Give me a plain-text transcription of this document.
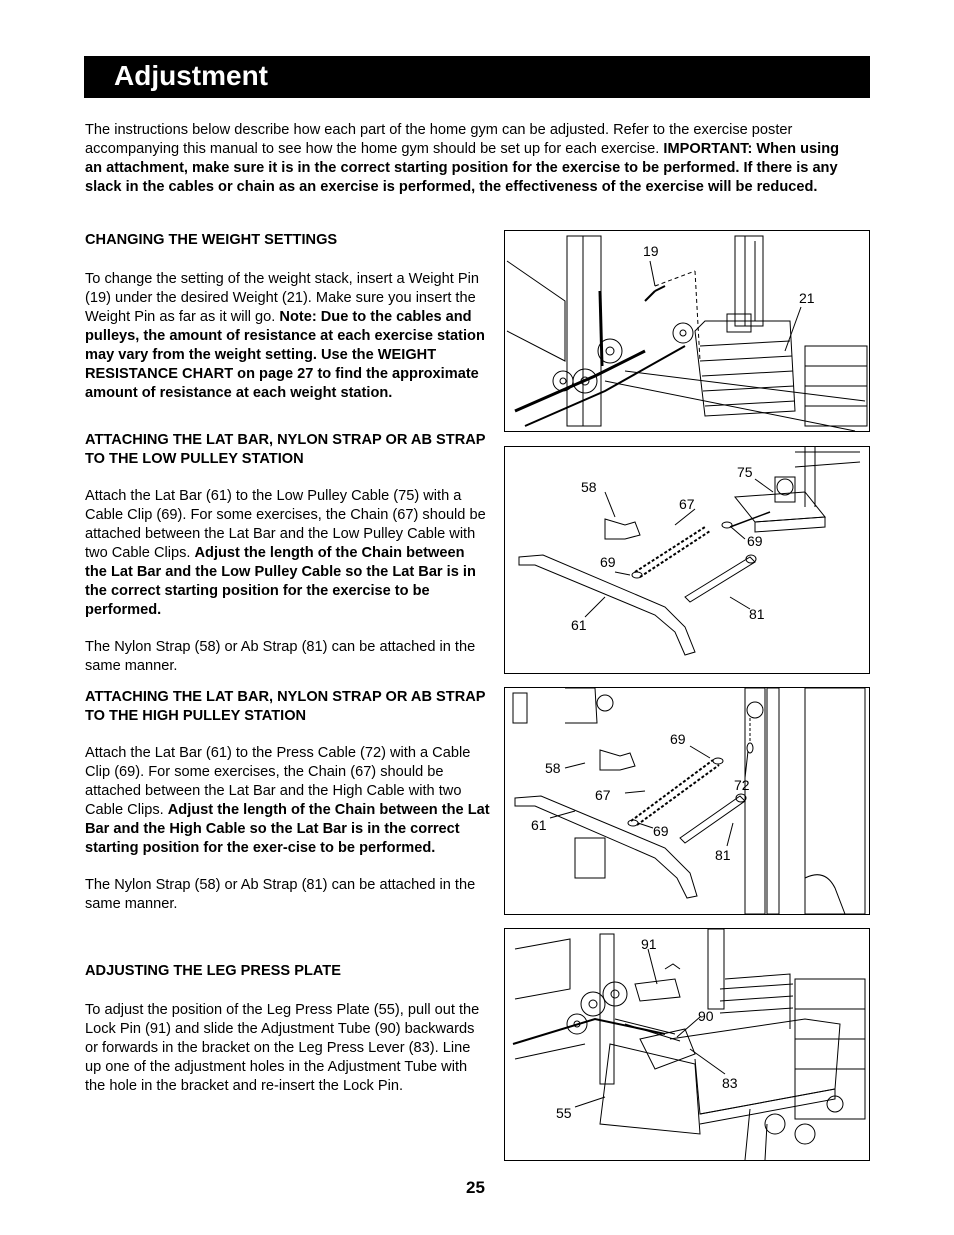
Adjustment
The instructions below describe how each part of the home gym can be adjusted. Refer to the exercise poster accompanying this manual to see how the home gym should be set up for each exercise. IMPORTANT: When using an attachment, make sure it is in the correct starting position for the exercise to be performed. If there is any slack in the cables or chain as an exercise is performed, the effectiveness of the exercise will be reduced.
CHANGING THE WEIGHT SETTINGS

To change the setting of the weight stack, insert a Weight Pin (19) under the desired Weight (21). Make sure you insert the Weight Pin as far as it will go. Note: Due to the cables and pulleys, the amount of resistance at each exercise station may vary from the weight setting. Use the WEIGHT RESISTANCE CHART on page 27 to find the approximate amount of resistance at each weight station.

ATTACHING THE LAT BAR, NYLON STRAP OR AB STRAP TO THE LOW PULLEY STATION

Attach the Lat Bar (61) to the Low Pulley Cable (75) with a Cable Clip (69). For some exercises, the Chain (67) should be attached between the Lat Bar and the Low Pulley Cable with two Cable Clips. Adjust the length of the Chain between the Lat Bar and the Low Pulley Cable so the Lat Bar is in the correct starting position for the exercise to be performed.

The Nylon Strap (58) or Ab Strap (81) can be attached in the same manner.

ATTACHING THE LAT BAR, NYLON STRAP OR AB STRAP TO THE HIGH PULLEY STATION

Attach the Lat Bar (61) to the Press Cable (72) with a Cable Clip (69). For some exercises, the Chain (67) should be attached between the Lat Bar and the High Cable with two Cable Clips. Adjust the length of the Chain between the Lat Bar and the High Cable so the Lat Bar is in the correct starting position for the exer-cise to be performed.

The Nylon Strap (58) or Ab Strap (81) can be attached in the same manner.

ADJUSTING THE LEG PRESS PLATE

To adjust the position of the Leg Press Plate (55), pull out the Lock Pin (91) and slide the Adjustment Tube (90) backwards or forwards in the bracket on the Leg Press Lever (83). Line up one of the adjustment holes in the Adjustment Tube with the hole in the bracket and re-insert the Lock Pin.

19
21
58
67
75
69
69
61
81
58
69
67
72
61	69
81
91
90
83
55
25
